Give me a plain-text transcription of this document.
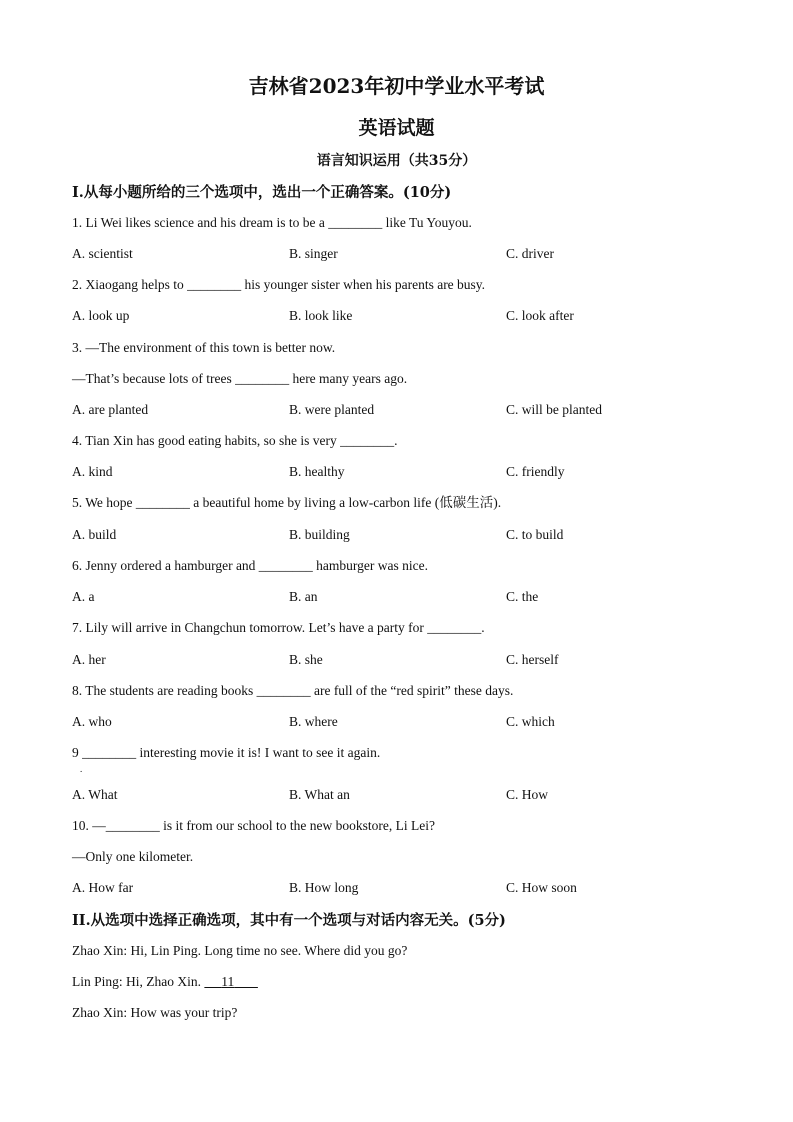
吉林省2023年初中学业水平考试
英语试题
语言知识运用（共35分）
I.从每小题所给的三个选项中，选出一个正确答案。(10分)
1. Li Wei likes science and his dream is to be a ________ like Tu Youyou.
A. scientist	B. singer	C. driver
2. Xiaogang helps to ________ his younger sister when his parents are busy.
A. look up	B. look like	C. look after
3. —The environment of this town is better now.
—That’s because lots of trees ________ here many years ago.
A. are planted	B. were planted	C. will be planted
4. Tian Xin has good eating habits, so she is very ________.
A. kind	B. healthy	C. friendly
5. We hope ________ a beautiful home by living a low-carbon life (低碳生活).
A. build	B. building	C. to build
6. Jenny ordered a hamburger and ________ hamburger was nice.
A. a	B. an	C. the
7. Lily will arrive in Changchun tomorrow. Let’s have a party for ________.
A. her	B. she	C. herself
8. The students are reading books ________ are full of the “red spirit” these days.
A. who	B. where	C. which
9 ________ interesting movie it is! I want to see it again.
.
A. What	B. What an	C. How
10. —________ is it from our school to the new bookstore, Li Lei?
—Only one kilometer.
A. How far	B. How long	C. How soon
II.从选项中选择正确选项，其中有一个选项与对话内容无关。(5分)
Zhao Xin: Hi, Lin Ping. Long time no see. Where did you go?
Lin Ping: Hi, Zhao Xin. 11
Zhao Xin: How was your trip?
